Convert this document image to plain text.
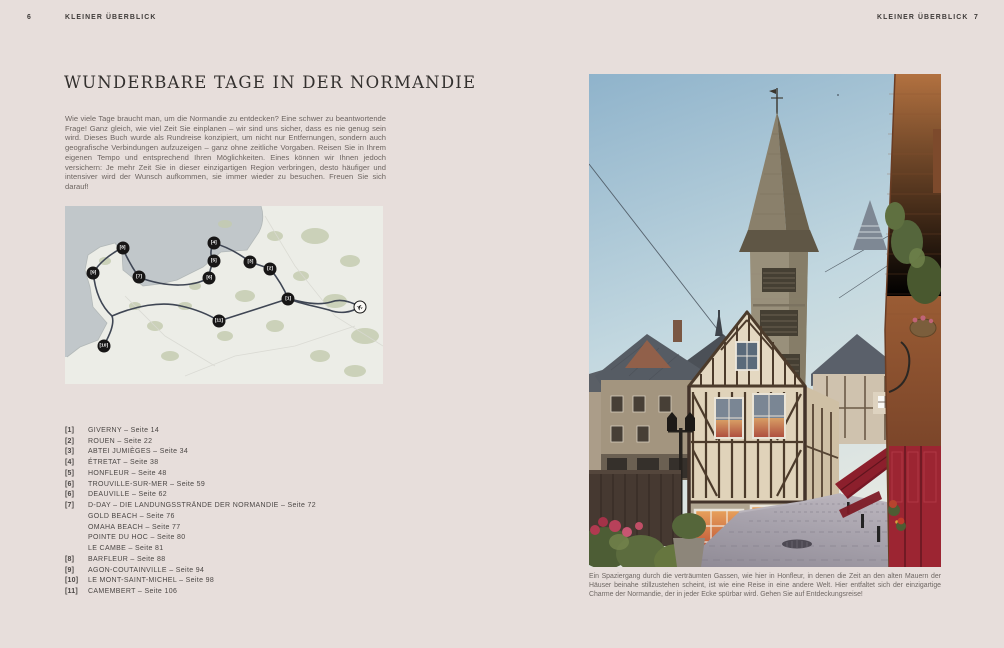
6	KLEINER ÜBERBLICK	KLEINER ÜBERBLICK 7
WUNDERBARE TAGE IN DER NORMANDIE
Wie viele Tage braucht man, um die Normandie zu entdecken? Eine schwer zu beantwortende Frage! Ganz gleich, wie viel Zeit Sie einplanen – wir sind uns sicher, dass es nie genug sein wird. Dieses Buch wurde als Rundreise konzipiert, um nicht nur Entfernungen, sondern auch geografische Verbindungen aufzuzeigen – ganz ohne zeitliche Vorgaben. Reisen Sie in Ihrem eigenen Tempo und entsprechend Ihren Möglichkeiten. Eines können wir Ihnen jedoch versichern: Je mehr Zeit Sie in dieser einzigartigen Region verbringen, desto häufiger und intensiver wird der Wunsch aufkommen, sie immer wieder zu besuchen. Freuen Sie sich darauf!
[1]
[2]
[3]
[4]
[5]
[6]
[7]
[8]
[9]
[10]
[11]
✈
[1]	GIVERNY – Seite 14
[2]	ROUEN – Seite 22
[3]	ABTEI JUMIÈGES – Seite 34
[4]	ÉTRETAT – Seite 38
[5]	HONFLEUR – Seite 48
[6]	TROUVILLE-SUR-MER – Seite 59
[6]	DEAUVILLE – Seite 62
[7]	D-DAY – DIE LANDUNGSSTRÄNDE DER NORMANDIE – Seite 72
GOLD BEACH – Seite 76
OMAHA BEACH – Seite 77
POINTE DU HOC – Seite 80
LE CAMBE – Seite 81
[8]	BARFLEUR – Seite 88
[9]	AGON-COUTAINVILLE – Seite 94
[10]	LE MONT-SAINT-MICHEL – Seite 98
[11]	CAMEMBERT – Seite 106
Ein Spaziergang durch die verträumten Gassen, wie hier in Honfleur, in denen die Zeit an den alten Mauern der Häuser beinahe stillzustehen scheint, ist wie eine Reise in eine andere Welt. Hier entfaltet sich der einzigartige Charme der Normandie, der in jeder Ecke spürbar wird. Gehen Sie auf Entdeckungsreise!
